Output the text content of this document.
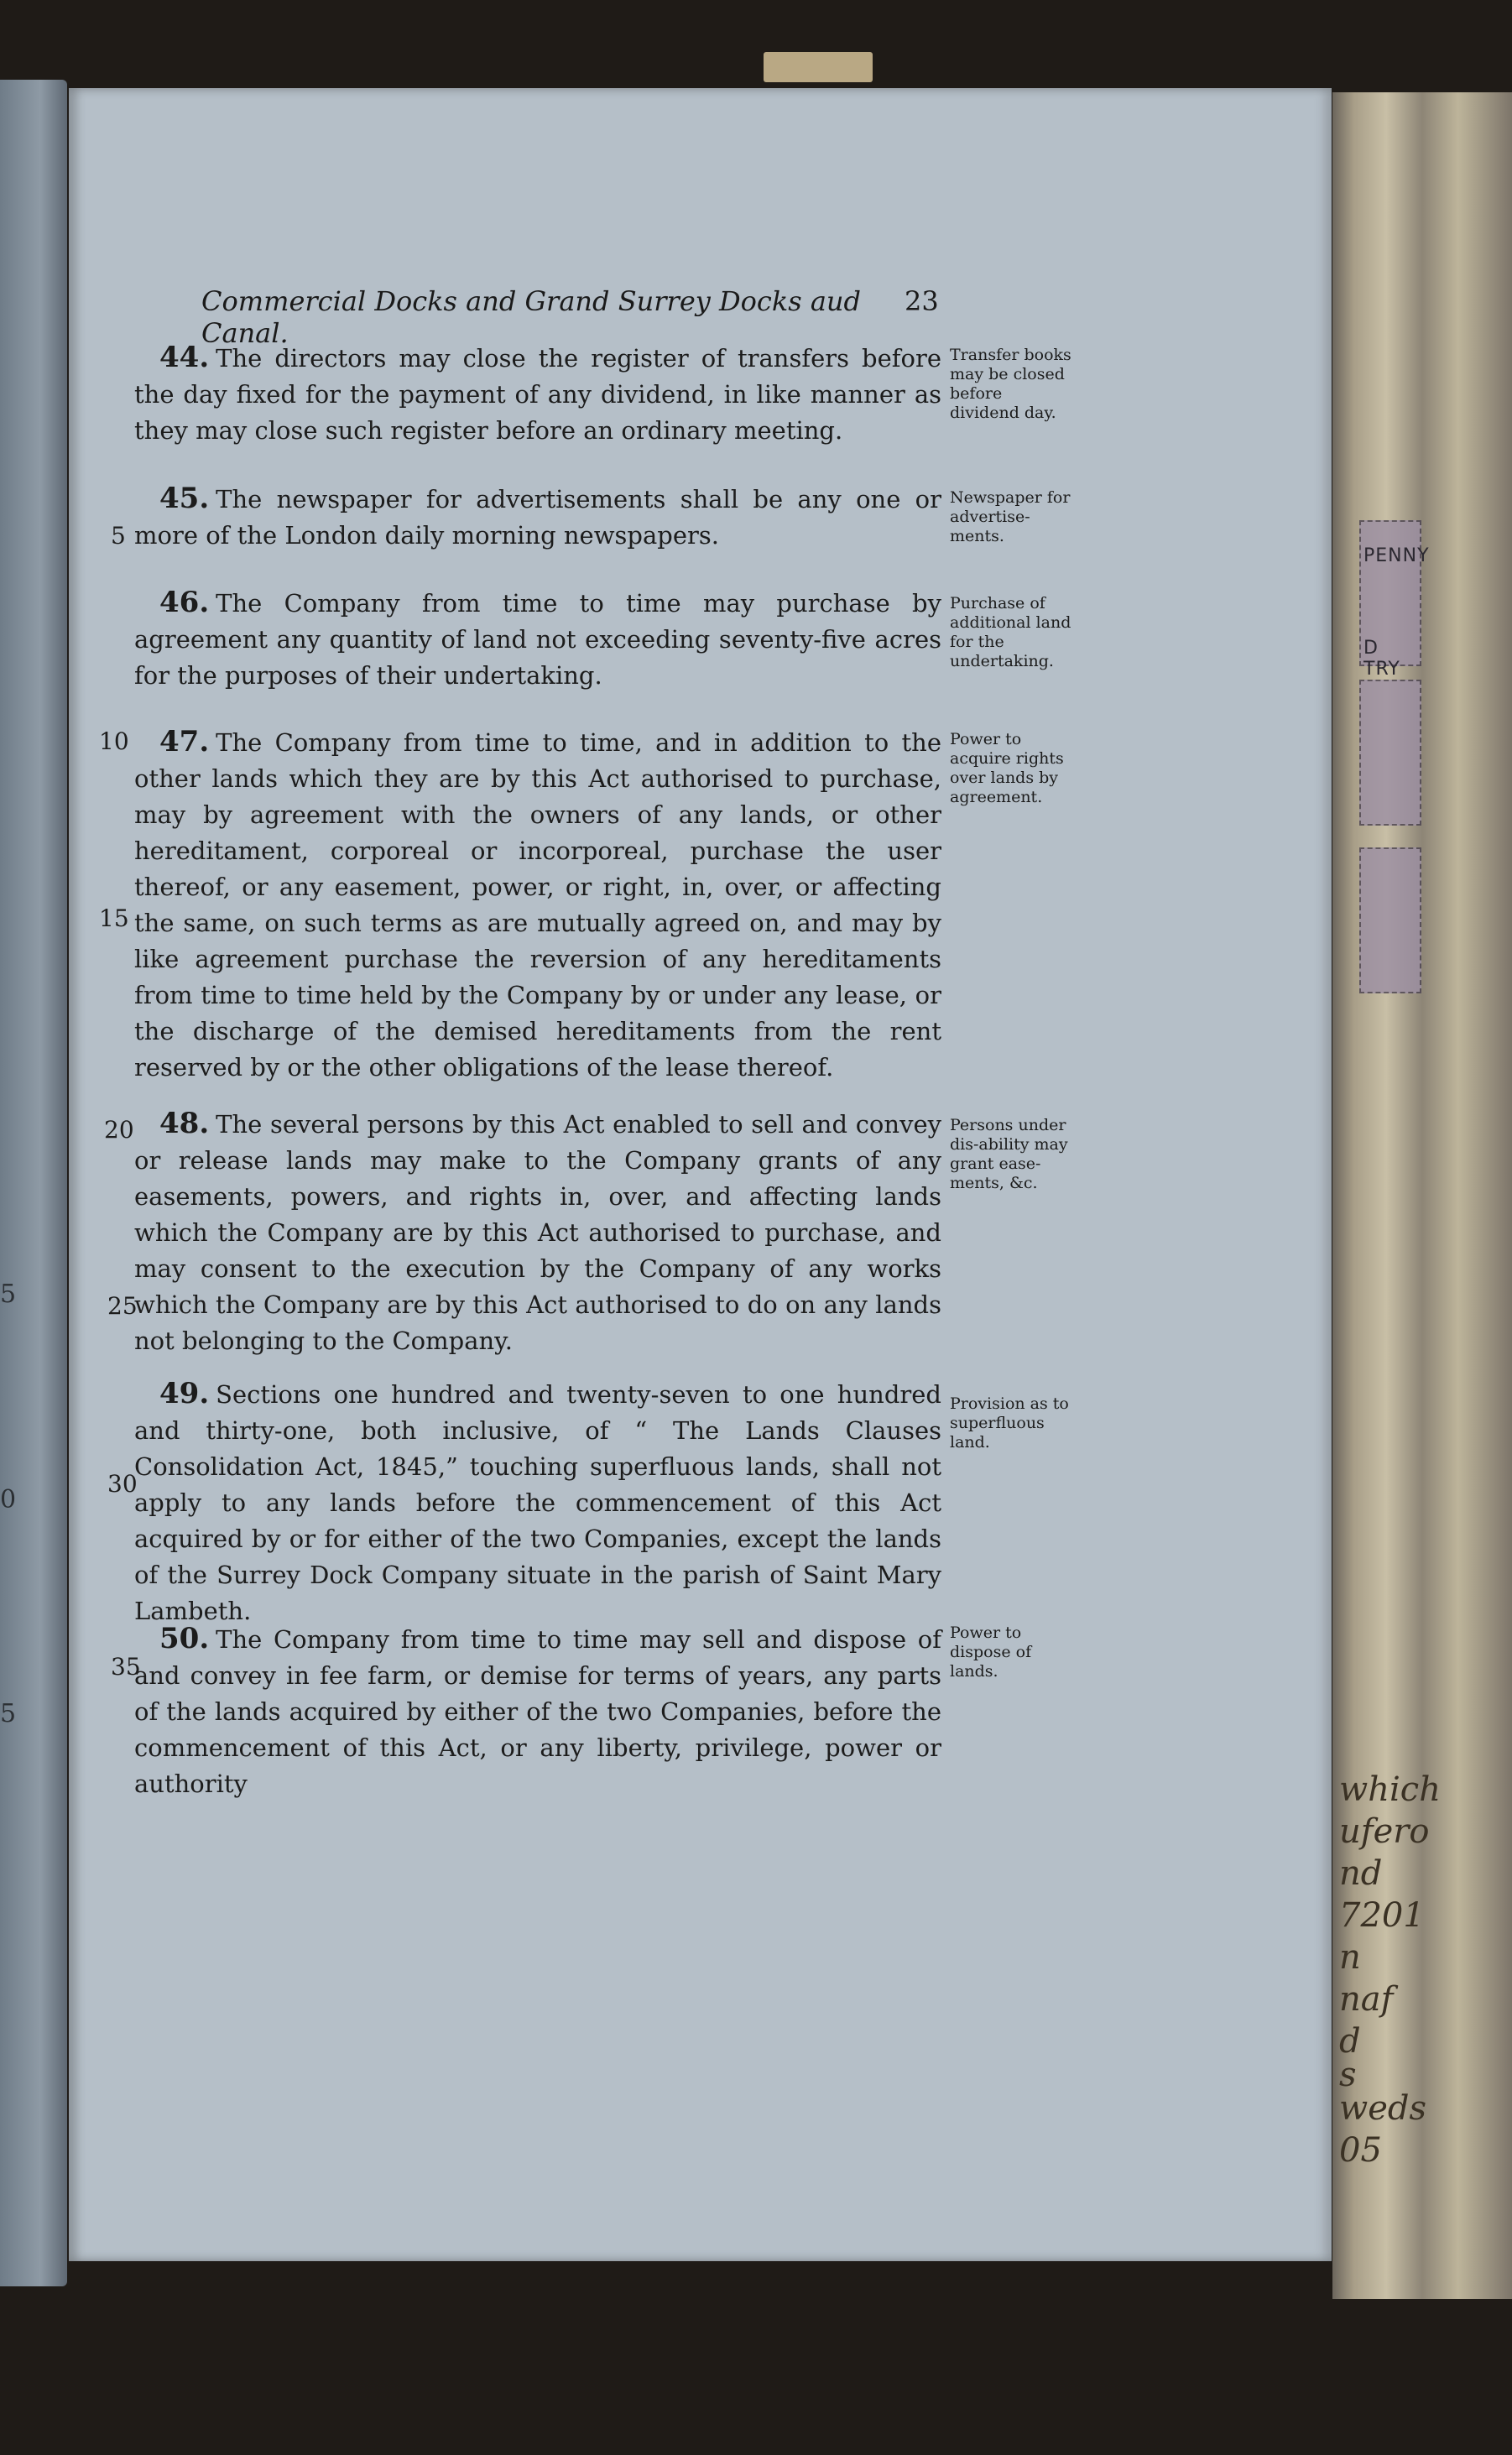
5
0
5
PENNY
D
TRY
which
ufero
nd
7201
n
naf
d
s
weds
05
Commercial Docks and Grand Surrey Docks aud Canal.
23
44. The directors may close the register of transfers before the day fixed for the payment of any dividend, in like manner as they may close such register before an ordinary meeting.
Transfer books may be closed before dividend day.
45. The newspaper for advertisements shall be any one or more of the London daily morning newspapers.
Newspaper for advertise-ments.
46. The Company from time to time may purchase by agreement any quantity of land not exceeding seventy-five acres for the purposes of their undertaking.
Purchase of additional land for the undertaking.
47. The Company from time to time, and in addition to the other lands which they are by this Act authorised to purchase, may by agreement with the owners of any lands, or other hereditament, corporeal or incorporeal, purchase the user thereof, or any easement, power, or right, in, over, or affecting the same, on such terms as are mutually agreed on, and may by like agreement purchase the reversion of any hereditaments from time to time held by the Company by or under any lease, or the discharge of the demised hereditaments from the rent reserved by or the other obligations of the lease thereof.
Power to acquire rights over lands by agreement.
48. The several persons by this Act enabled to sell and convey or release lands may make to the Company grants of any easements, powers, and rights in, over, and affecting lands which the Company are by this Act authorised to purchase, and may consent to the execution by the Company of any works which the Company are by this Act authorised to do on any lands not belonging to the Company.
Persons under dis-ability may grant ease-ments, &c.
49. Sections one hundred and twenty-seven to one hundred and thirty-one, both inclusive, of “ The Lands Clauses Consolidation Act, 1845,” touching superfluous lands, shall not apply to any lands before the commencement of this Act acquired by or for either of the two Companies, except the lands of the Surrey Dock Company situate in the parish of Saint Mary Lambeth.
Provision as to superfluous land.
50. The Company from time to time may sell and dispose of and convey in fee farm, or demise for terms of years, any parts of the lands acquired by either of the two Companies, before the commencement of this Act, or any liberty, privilege, power or authority
Power to dispose of lands.
5
10
15
20
25
30
35
